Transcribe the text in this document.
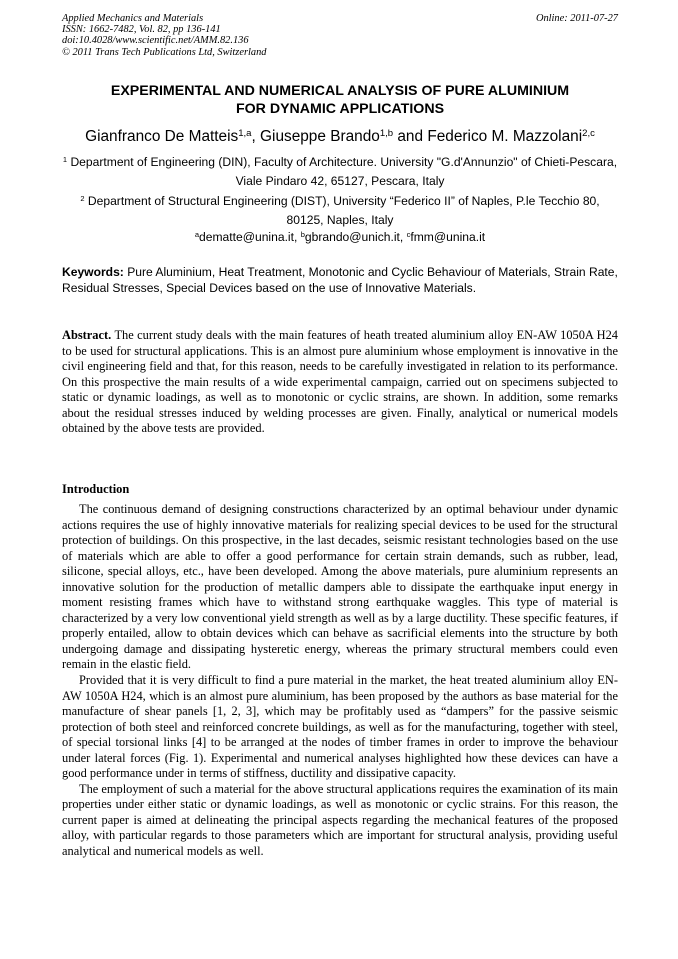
Applied Mechanics and Materials
ISSN: 1662-7482, Vol. 82, pp 136-141
doi:10.4028/www.scientific.net/AMM.82.136
© 2011 Trans Tech Publications Ltd, Switzerland
Online: 2011-07-27
EXPERIMENTAL AND NUMERICAL ANALYSIS OF PURE ALUMINIUM
FOR DYNAMIC APPLICATIONS
Gianfranco De Matteis$^{1,a}$, Giuseppe Brando$^{1,b}$ and Federico M. Mazzolani$^{2,c}$
$^1$ Department of Engineering (DIN), Faculty of Architecture. University "G.d'Annunzio" of Chieti-Pescara, Viale Pindaro 42, 65127, Pescara, Italy
$^2$ Department of Structural Engineering (DIST), University “Federico II” of Naples, P.le Tecchio 80, 80125, Naples, Italy
$^a$dematte@unina.it, $^b$gbrando@unich.it, $^c$fmm@unina.it
Keywords: Pure Aluminium, Heat Treatment, Monotonic and Cyclic Behaviour of Materials, Strain Rate, Residual Stresses, Special Devices based on the use of Innovative Materials.
Abstract. The current study deals with the main features of heath treated aluminium alloy EN-AW 1050A H24 to be used for structural applications. This is an almost pure aluminium whose employment is innovative in the civil engineering field and that, for this reason, needs to be carefully investigated in relation to its performance. On this prospective the main results of a wide experimental campaign, carried out on specimens subjected to static or dynamic loadings, as well as to monotonic or cyclic strains, are shown. In addition, some remarks about the residual stresses induced by welding processes are given. Finally, analytical or numerical models obtained by the above tests are provided.
Introduction

The continuous demand of designing constructions characterized by an optimal behaviour under dynamic actions requires the use of highly innovative materials for realizing special devices to be used for the structural protection of buildings. On this prospective, in the last decades, seismic resistant technologies based on the use of materials which are able to offer a good performance for certain strain demands, such as rubber, lead, silicone, special alloys, etc., have been developed. Among the above materials, pure aluminium represents an innovative solution for the production of metallic dampers able to dissipate the earthquake input energy in moment resisting frames which have to withstand strong earthquake waggles. This type of material is characterized by a very low conventional yield strength as well as by a large ductility. These specific features, if properly entailed, allow to obtain devices which can behave as sacrificial elements into the structure by both undergoing damage and dissipating hysteretic energy, whereas the primary structural members could even remain in the elastic field.

Provided that it is very difficult to find a pure material in the market, the heat treated aluminium alloy EN-AW 1050A H24, which is an almost pure aluminium, has been proposed by the authors as base material for the manufacture of shear panels [1, 2, 3], which may be profitably used as “dampers” for the passive seismic protection of both steel and reinforced concrete buildings, as well as for the manufacturing, together with steel, of special torsional links [4] to be arranged at the nodes of timber frames in order to improve the behaviour under lateral forces (Fig. 1). Experimental and numerical analyses highlighted how these devices can have a good performance under in terms of stiffness, ductility and dissipative capacity.

The employment of such a material for the above structural applications requires the examination of its main properties under either static or dynamic loadings, as well as monotonic or cyclic strains. For this reason, the current paper is aimed at delineating the principal aspects regarding the mechanical features of the proposed alloy, with particular regards to those parameters which are important for structural analysis, providing useful analytical and numerical models as well.
